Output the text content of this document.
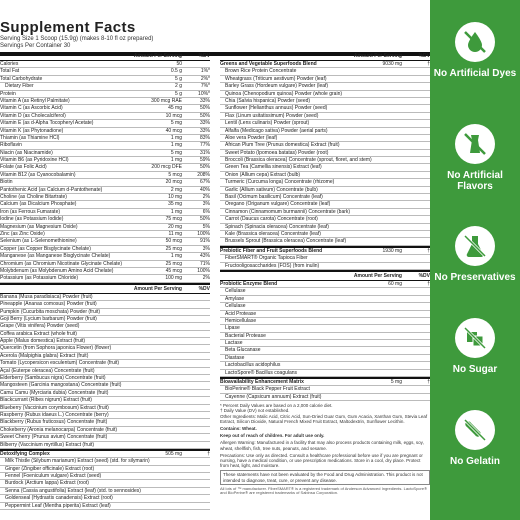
Supplement Facts
Serving Size 1 Scoop (15.9g) (makes 8-10 fl oz prepared)
Servings Per Container 30
Amount Per Serving	%DV
Calories	50
Total Fat	0.5 g	1%*
Total Carbohydrate	5 g	2%*
Dietary Fiber	2 g	7%*
Protein	5 g	10%*
Vitamin A (as Retinyl Palmitate)	300 mcg RAE	33%
Vitamin C (as Ascorbic Acid)	45 mg	50%
Vitamin D (as Cholecalciferol)	10 mcg	50%
Vitamin E (as d-Alpha Tocopheryl Acetate)	5 mg	33%
Vitamin K (as Phytonadione)	40 mcg	33%
Thiamin (as Thiamine HCl)	1 mg	83%
Riboflavin	1 mg	77%
Niacin (as Niacinamide)	5 mg	31%
Vitamin B6 (as Pyridoxine HCl)	1 mg	59%
Folate (as Folic Acid)	200 mcg DFE	50%
Vitamin B12 (as Cyanocobalamin)	5 mcg	208%
Biotin	20 mcg	67%
Pantothenic Acid (as Calcium d-Pantothenate)	2 mg	40%
Choline (as Choline Bitartrate)	10 mg	2%
Calcium (as Dicalcium Phosphate)	35 mg	3%
Iron (as Ferrous Fumarate)	1 mg	6%
Iodine (as Potassium Iodide)	75 mcg	50%
Magnesium (as Magnesium Oxide)	20 mg	5%
Zinc (as Zinc Oxide)	11 mg	100%
Selenium (as L-Selenomethionine)	50 mcg	91%
Copper (as Copper Bisglycinate Chelate)	25 mcg	3%
Manganese (as Manganese Bisglycinate Chelate)	1 mg	43%
Chromium (as Chromium Nicotinate Glycinate Chelate)	25 mcg	71%
Molybdenum (as Molybdenum Amino Acid Chelate)	45 mcg	100%
Potassium (as Potassium Chloride)	100 mg	2%
Amount Per Serving	%DV
Banana (Musa paradisiaca) Powder (fruit)
Pineapple (Ananas comosus) Powder (fruit)
Pumpkin (Cucurbita moschata) Powder (fruit)
Goji Berry (Lycium barbarum) Powder (fruit)
Grape (Vitis vinifera) Powder (seed)
Coffea arabica Extract (whole fruit)
Apple (Malus domestica) Extract (fruit)
Quercetin (from Sophora japonica Flower) (flower)
Acerola (Malpighia glabra) Extract (fruit)
Tomato (Lycopersicon esculentum) Concentrate (fruit)
Açaí (Euterpe oleracea) Concentrate (fruit)
Elderberry (Sambucus nigra) Concentrate (fruit)
Mangosteen (Garcinia mangostana) Concentrate (fruit)
Camu Camu (Myrciaria dubia) Concentrate (fruit)
Blackcurrant (Ribes nigrum) Extract (fruit)
Blueberry (Vaccinium corymbosum) Extract (fruit)
Raspberry (Rubus idaeus L.) Concentrate (berry)
Blackberry (Rubus fruticosus) Concentrate (fruit)
Chokeberry (Aronia melanocarpa) Concentrate (fruit)
Sweet Cherry (Prunus avium) Concentrate (fruit)
Bilberry (Vaccinium myrtillus) Extract (fruit)
Detoxifying Complex	505 mg	†
Milk Thistle (Silybum marianum) Extract (seed) (std. for silymarin)
Ginger (Zingiber officinale) Extract (root)
Fennel (Foeniculum vulgare) Extract (seed)
Burdock (Arctium lappa) Extract (root)
Senna (Cassia angustifolia) Extract (leaf) (std. to sennosides)
Goldenseal (Hydrastis canadensis) Extract (root)
Peppermint Leaf (Mentha piperita) Extract (leaf)
Amount Per Serving	%DV
Greens and Vegetable Superfoods Blend	9030 mg	†
Brown Rice Protein Concentrate
Wheatgrass (Triticum aestivum) Powder (leaf)
Barley Grass (Hordeum vulgare) Powder (leaf)
Quinoa (Chenopodium quinoa) Powder (whole grain)
Chia (Salvia hispanica) Powder (seed)
Sunflower (Helianthus annuus) Powder (seed)
Flax (Linum usitatissimum) Powder (seed)
Lentil (Lens culinaris) Powder (sprout)
Alfalfa (Medicago sativa) Powder (aerial parts)
Aloe vera Powder (leaf)
African Plum Tree (Prunus domestica) Extract (fruit)
Sweet Potato (Ipomoea batatas) Powder (root)
Broccoli (Brassica oleracea) Concentrate (sprout, floret, and stem)
Green Tea (Camellia sinensis) Extract (leaf)
Onion (Allium cepa) Extract (bulb)
Turmeric (Curcuma longa) Concentrate (rhizome)
Garlic (Allium sativum) Concentrate (bulb)
Basil (Ocimum basilicum) Concentrate (leaf)
Oregano (Origanum vulgare) Concentrate (leaf)
Cinnamon (Cinnamomum burmannii) Concentrate (bark)
Carrot (Daucus carota) Concentrate (root)
Spinach (Spinacia oleracea) Concentrate (leaf)
Kale (Brassica oleracea) Concentrate (leaf)
Brussels Sprout (Brassica oleracea) Concentrate (leaf)
Prebiotic Fiber and Fruit Superfoods Blend	1930 mg	†
FiberSMART® Organic Tapioca Fiber
Fructooligosaccharides (FOS) (from inulin)
Amount Per Serving	%DV
Probiotic Enzyme Blend	60 mg	†
Cellulase
Amylase
Cellulase
Acid Protease
Hemicellulase
Lipase
Bacterial Protease
Lactase
Beta Glucanase
Diastase
Lactobacillus acidophilus
LactoSpore® Bacillus coagulans
Bioavailability Enhancement Matrix	5 mg	†
BioPerine® Black Pepper Fruit Extract
Cayenne (Capsicum annuum) Extract (fruit)
* Percent Daily Values are based on a 2,000 calorie diet.
† Daily Value (DV) not established.

Other Ingredients: Malic Acid, Citric Acid, Sun-Dried Guar Gum, Gum Acacia, Xanthan Gum, Stevia Leaf Extract, Silicon Dioxide, Natural French Mixed Fruit Extract, Maltodextrin, Sunflower Lecithin.

Contains: Wheat.

Keep out of reach of children. For adult use only.

Allergen Warning: Manufactured in a facility that may also process products containing milk, eggs, soy, wheat, shellfish, fish, tree nuts, peanuts, and sesame.

Precautions: Use only as directed. Consult a healthcare professional before use if you are pregnant or nursing, have a medical condition, or use prescription medications. Store in a cool, dry place. Protect from heat, light, and moisture.

These statements have not been evaluated by the Food and Drug Administration. This product is not intended to diagnose, treat, cure, or prevent any disease.
All lots of ™ manufacturer. FiberSMART® is a registered trademark of Anderson Advanced Ingredients. LactoSpore® and BioPerine® are registered trademarks of Sabinsa Corporation.
No Artificial Dyes
No Artificial Flavors
No Preservatives
No Sugar
No Gelatin
